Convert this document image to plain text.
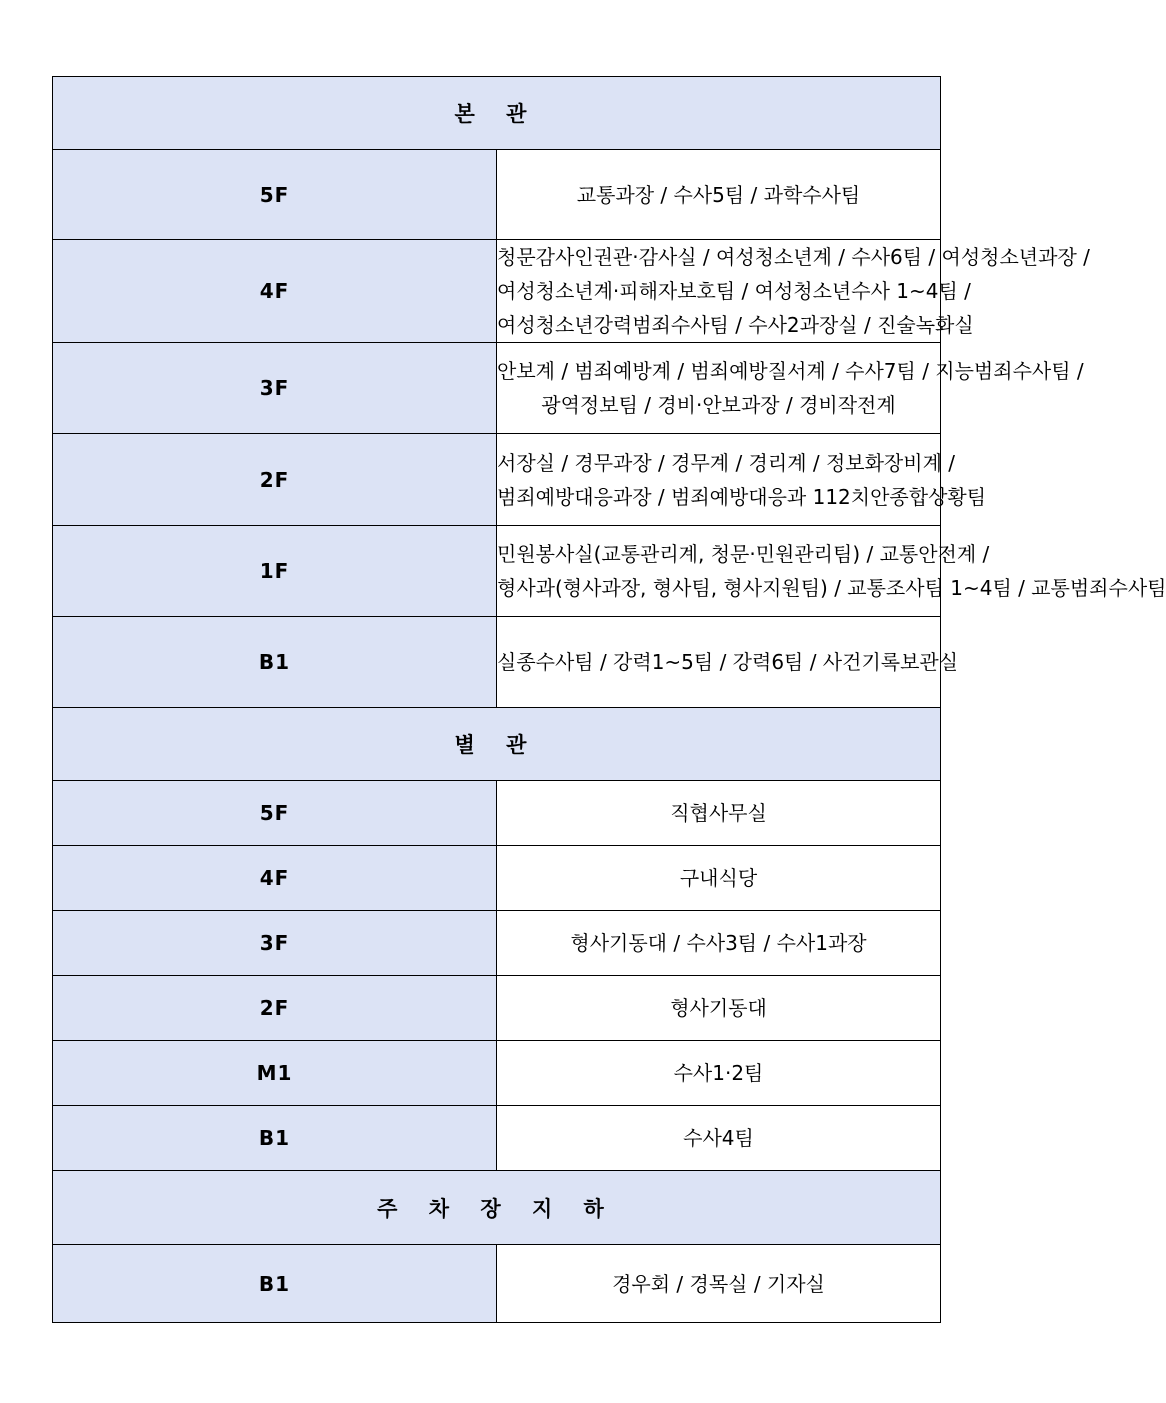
본 관	
5F	교통과장 / 수사5팀 / 과학수사팀

4F	청문감사인권관·감사실 / 여성청소년계 / 수사6팀 / 여성청소년과장 /
여성청소년계·피해자보호팀 / 여성청소년수사 1~4팀 /
여성청소년강력범죄수사팀 / 수사2과장실 / 진술녹화실

3F	안보계 / 범죄예방계 / 범죄예방질서계 / 수사7팀 / 지능범죄수사팀 /
광역정보팀 / 경비·안보과장 / 경비작전계

2F	서장실 / 경무과장 / 경무계 / 경리계 / 정보화장비계 /
범죄예방대응과장 / 범죄예방대응과 112치안종합상황팀

1F	민원봉사실(교통관리계, 청문·민원관리팀) / 교통안전계 /
형사과(형사과장, 형사팀, 형사지원팀) / 교통조사팀 1~4팀 / 교통범죄수사팀

B1	실종수사팀 / 강력1~5팀 / 강력6팀 / 사건기록보관실

별 관	
5F	직협사무실

4F	구내식당

3F	형사기동대 / 수사3팀 / 수사1과장

2F	형사기동대

M1	수사1·2팀

B1	수사4팀

주 차 장 지 하	
B1	경우회 / 경목실 / 기자실
